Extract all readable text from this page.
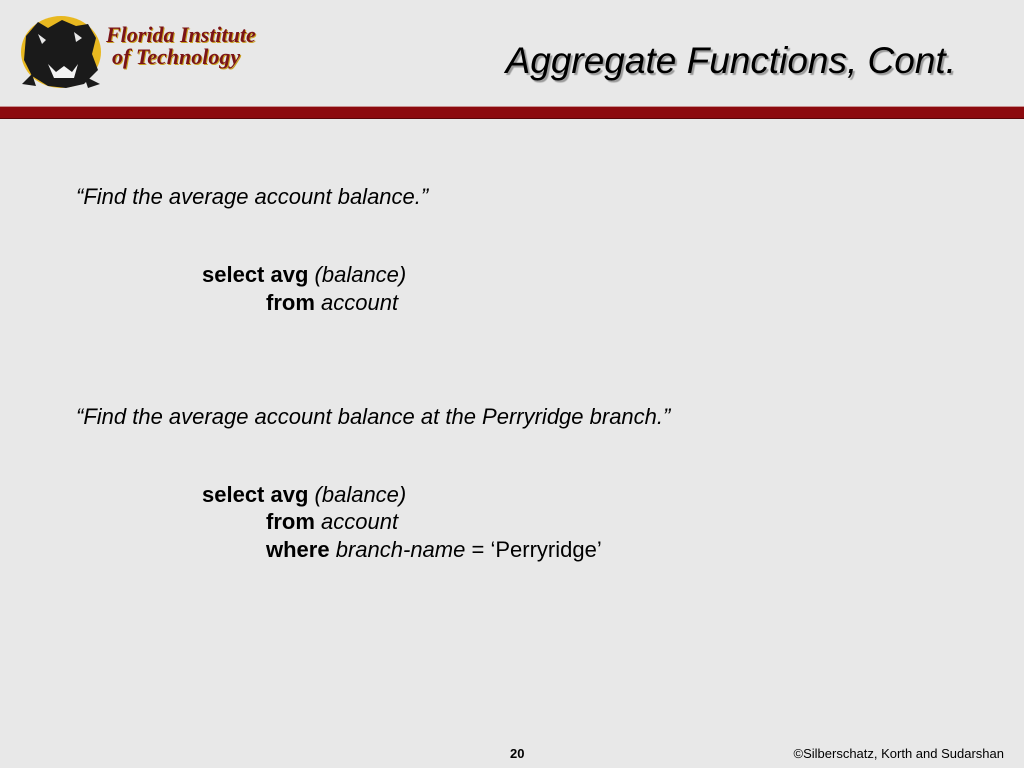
Florida Institute
of Technology	Aggregate Functions, Cont.
“Find the average account balance.”
select avg (balance)
from account
“Find the average account balance at the Perryridge branch.”
select avg (balance)
from account
where branch-name = ‘Perryridge’
20	©Silberschatz, Korth and Sudarshan
